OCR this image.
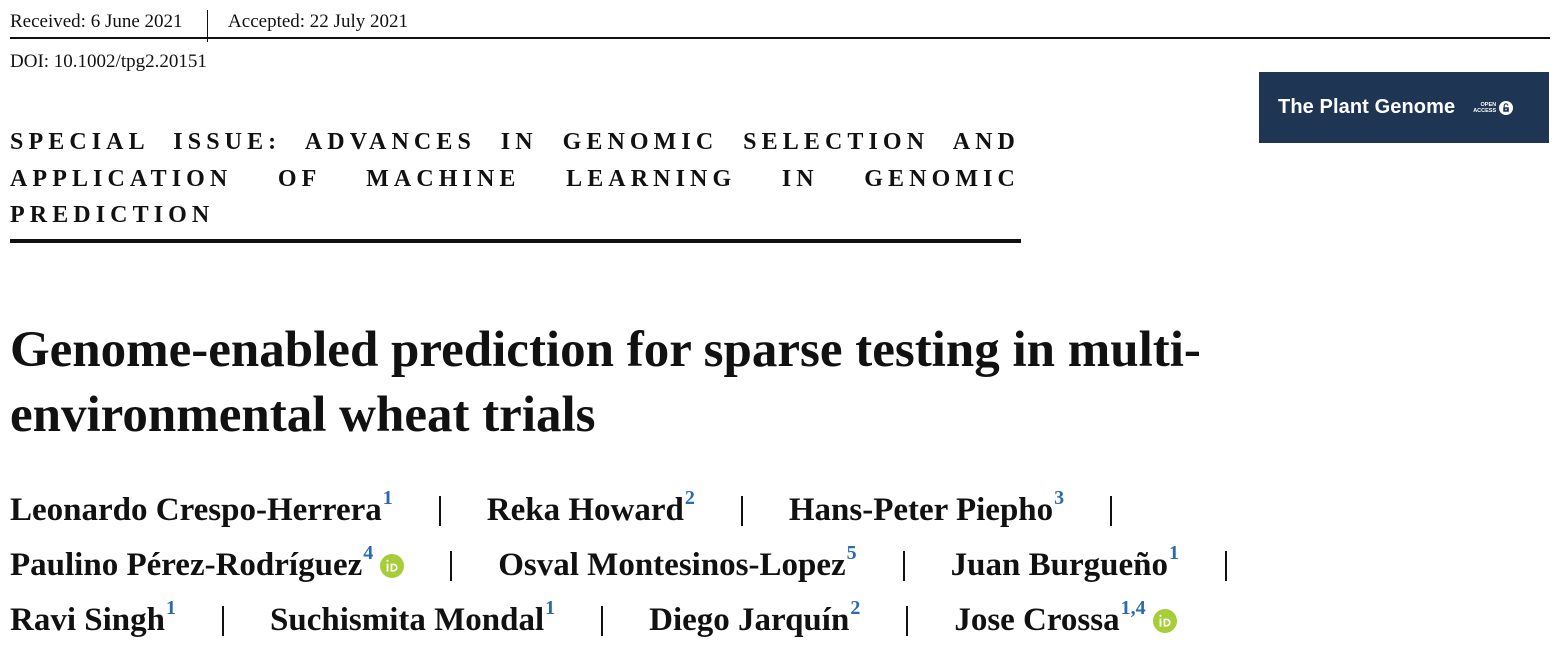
Received: 6 June 2021 Accepted: 22 July 2021
DOI: 10.1002/tpg2.20151
The Plant Genome	OPEN
ACCESS
SPECIAL ISSUE: ADVANCES IN GENOMIC SELECTION AND APPLICATION OF MACHINE LEARNING IN GENOMIC PREDICTION
Genome-enabled prediction for sparse testing in multi-environmental wheat trials
Leonardo Crespo-Herrera$^1$	Reka Howard$^2$	Hans-Peter Piepho$^3$
Paulino Pérez-Rodríguez$^4$	Osval Montesinos-Lopez$^5$	Juan Burgueño$^1$
Ravi Singh$^1$	Suchismita Mondal$^1$	Diego Jarquín$^2$	Jose Crossa$^{1,4}$
